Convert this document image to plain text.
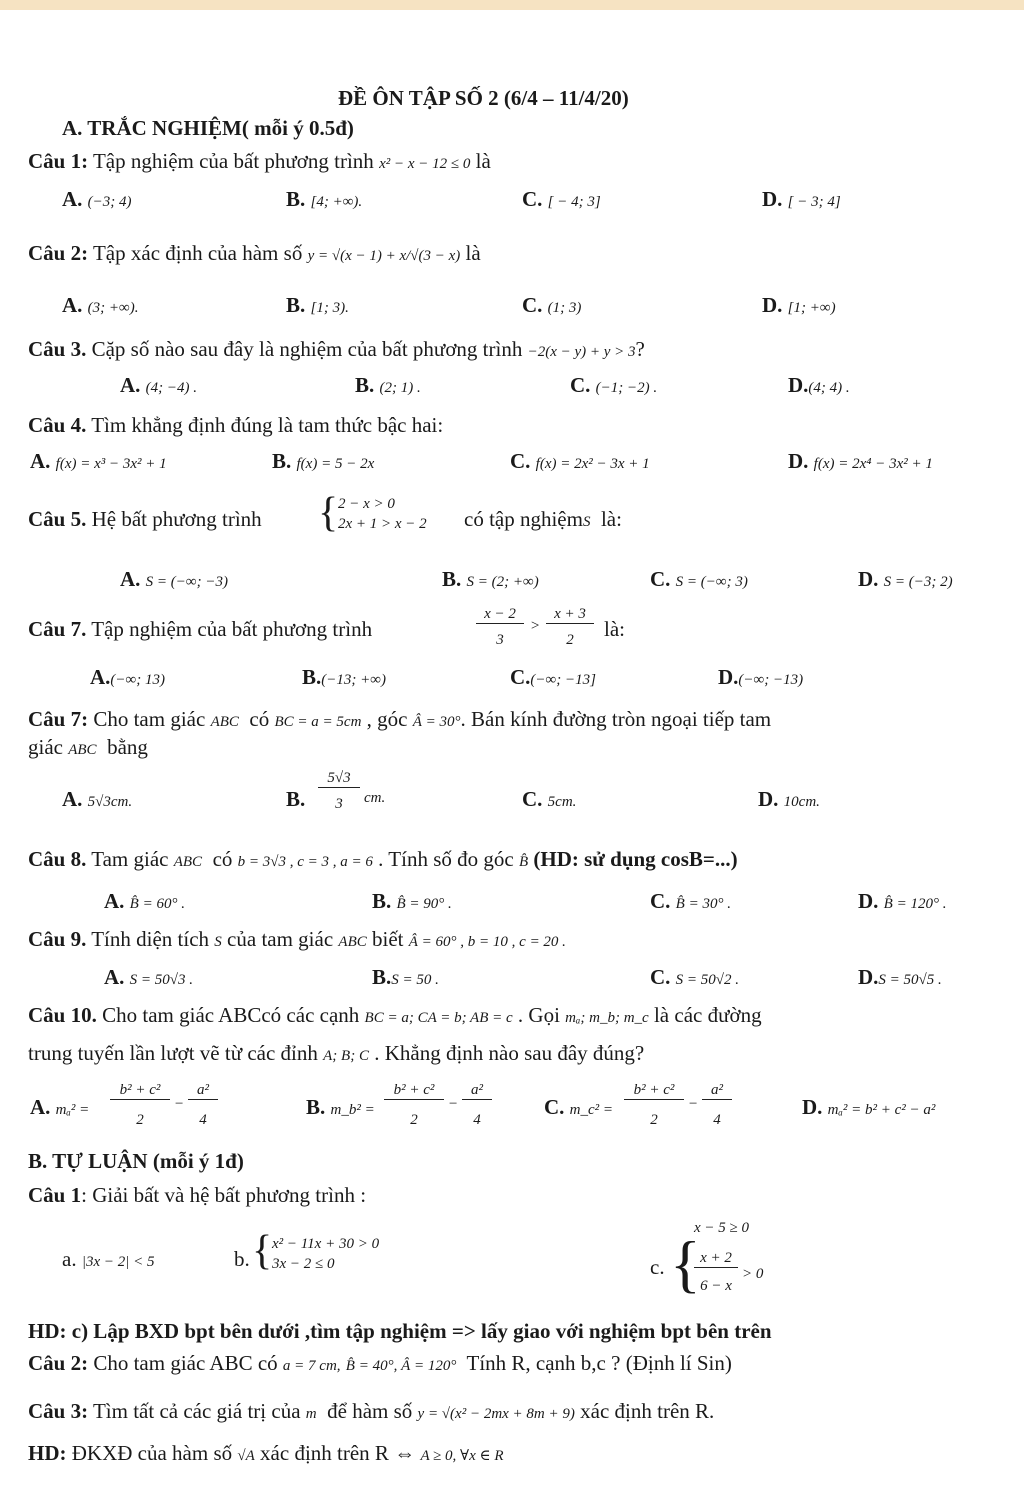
ĐỀ ÔN TẬP SỐ 2 (6/4 – 11/4/20)
A. TRẮC NGHIỆM( mỗi ý 0.5đ)
Câu 1: Tập nghiệm của bất phương trình x² − x − 12 ≤ 0 là
A. (−3; 4)	B. [4; +∞).	C. [ − 4; 3]	D. [ − 3; 4]
Câu 2: Tập xác định của hàm số y = √(x − 1) + x/√(3 − x) là
A. (3; +∞).	B. [1; 3).	C. (1; 3)	D. [1; +∞)
Câu 3. Cặp số nào sau đây là nghiệm của bất phương trình −2(x − y) + y > 3?
A. (4; −4) .	B. (2; 1) .	C. (−1; −2) .	D.(4; 4) .
Câu 4. Tìm khẳng định đúng là tam thức bậc hai:
A. f(x) = x³ − 3x² + 1	B. f(x) = 5 − 2x	C. f(x) = 2x² − 3x + 1	D. f(x) = 2x⁴ − 3x² + 1
Câu 5. Hệ bất phương trình { 2 − x > 0
2x + 1 > x − 2 có tập nghiệmS là:
A. S = (−∞; −3)	B. S = (2; +∞)	C. S = (−∞; 3)	D. S = (−3; 2)
Câu 7. Tập nghiệm của bất phương trình
x − 2
3
>
x + 3
2	là:
A.(−∞; 13)	B.(−13; +∞)	C.(−∞; −13]	D.(−∞; −13)
Câu 7: Cho tam giác ABC có BC = a = 5cm , góc Â = 30°. Bán kính đường tròn ngoại tiếp tam
giác ABC bằng
A. 5√3cm.	B.
5√3
3	cm.	C. 5cm.	D. 10cm.
Câu 8. Tam giác ABC có b = 3√3 , c = 3 , a = 6 . Tính số đo góc B̂ (HD: sử dụng cosB=...)
A. B̂ = 60° .	B. B̂ = 90° .	C. B̂ = 30° .	D. B̂ = 120° .
Câu 9. Tính diện tích S của tam giác ABC biết Â = 60° , b = 10 , c = 20 .
A. S = 50√3 .	B.S = 50 .	C. S = 50√2 .	D.S = 50√5 .
Câu 10. Cho tam giác ABCcó các cạnh BC = a; CA = b; AB = c . Gọi mₐ; m_b; m_c là các đường
trung tuyến lần lượt vẽ từ các đỉnh A; B; C . Khẳng định nào sau đây đúng?
A. mₐ² =
b² + c²
2
−
a²
4
B. m_b² =
b² + c²
2
−
a²
4
C. m_c² =
b² + c²
2
−
a²
4
D. mₐ² = b² + c² − a²
B. TỰ LUẬN (mỗi ý 1đ)
Câu 1: Giải bất và hệ bất phương trình :
a. |3x − 2| < 5	b. { x² − 11x + 30 > 0
3x − 2 ≤ 0	c. {
x − 5 ≥ 0
x + 2
6 − x
> 0
HD: c) Lập BXD bpt bên dưới ,tìm tập nghiệm => lấy giao với nghiệm bpt bên trên
Câu 2: Cho tam giác ABC có a = 7 cm, B̂ = 40°, Â = 120° Tính R, cạnh b,c ? (Định lí Sin)
Câu 3: Tìm tất cả các giá trị của m để hàm số y = √(x² − 2mx + 8m + 9) xác định trên R.
HD: ĐKXĐ của hàm số √A xác định trên R ⇔ A ≥ 0, ∀x ∈ R
